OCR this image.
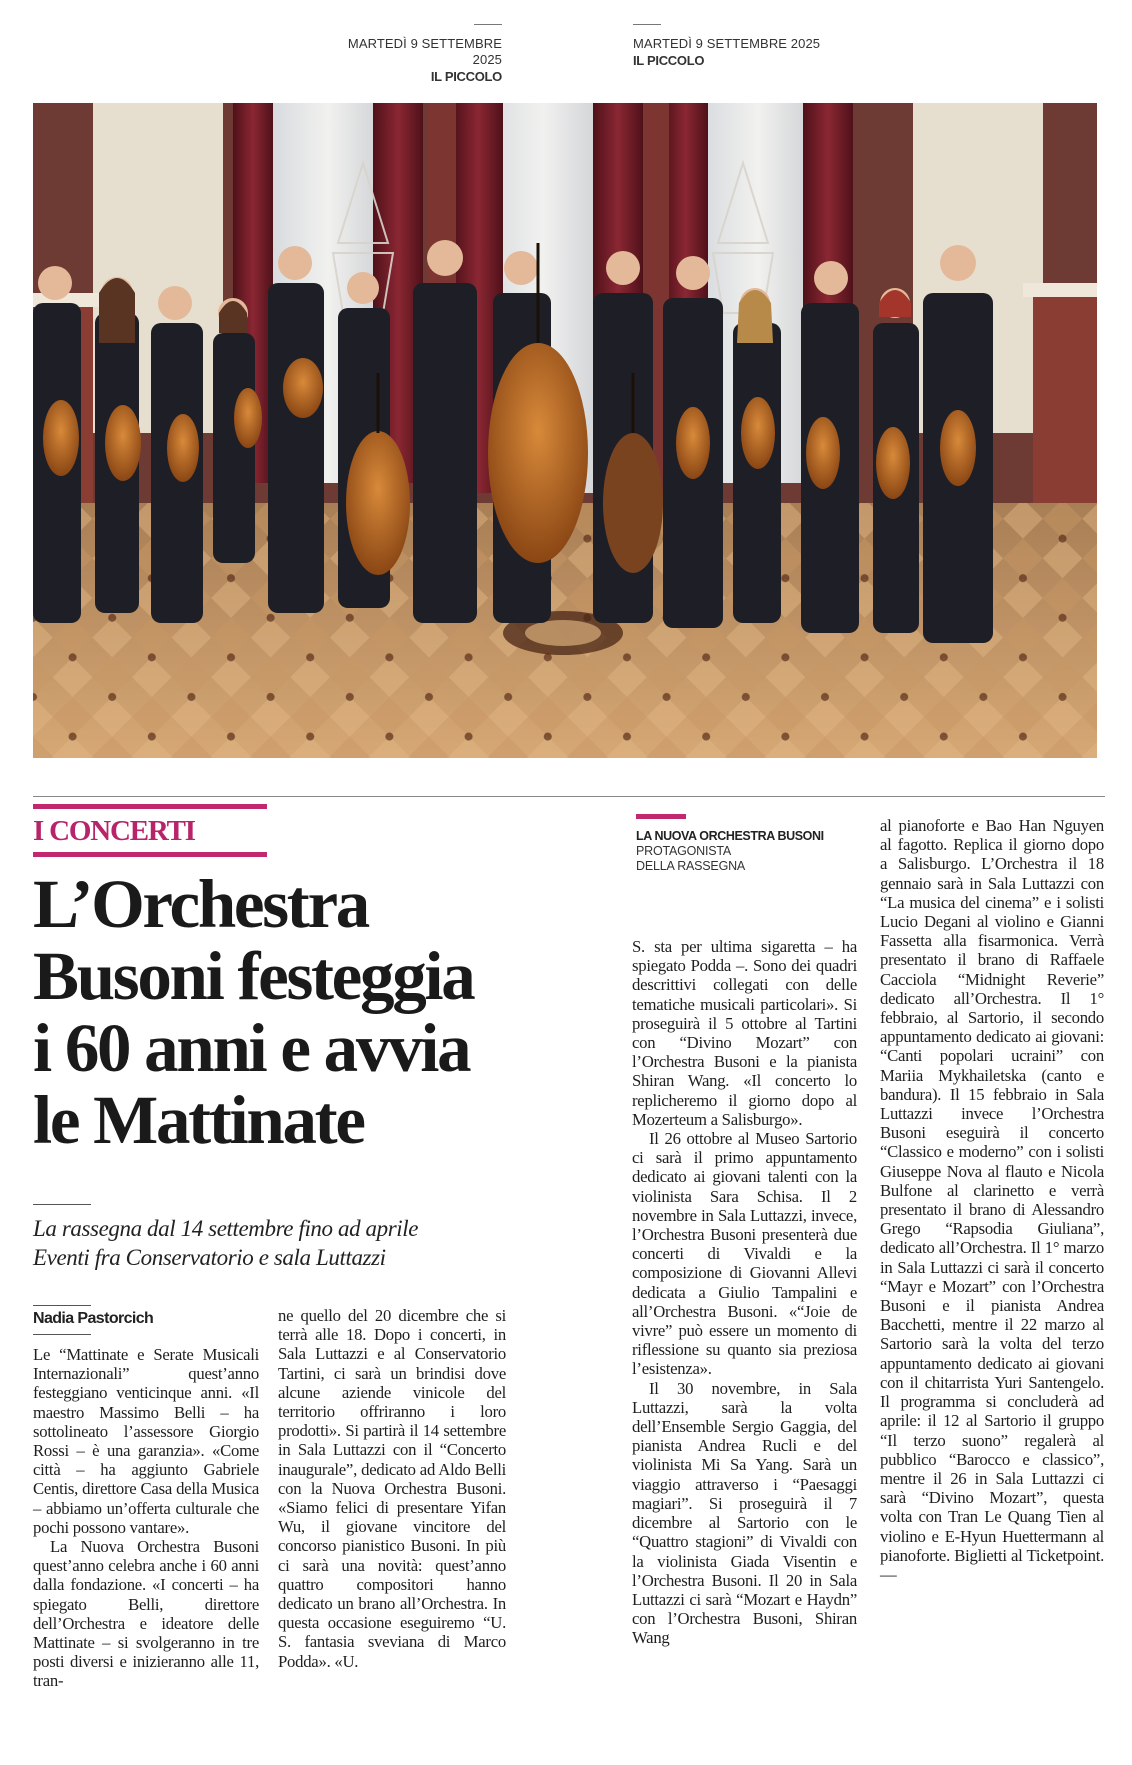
MARTEDÌ 9 SETTEMBRE 2025
IL PICCOLO
MARTEDÌ 9 SETTEMBRE 2025
IL PICCOLO
I CONCERTI
L’Orchestra
Busoni festeggia
i 60 anni e avvia
le Mattinate
La rassegna dal 14 settembre fino ad aprile
Eventi fra Conservatorio e sala Luttazzi
Nadia Pastorcich

Le “Mattinate e Serate Musicali Internazionali” quest’anno festeggiano venticinque anni. «Il maestro Massimo Belli – ha sottolineato l’assessore Giorgio Rossi – è una garanzia». «Come città – ha aggiunto Gabriele Centis, direttore Casa della Musica – abbiamo un’offerta culturale che pochi possono vantare».

La Nuova Orchestra Busoni quest’anno celebra anche i 60 anni dalla fondazione. «I concerti – ha spiegato Belli, direttore dell’Orchestra e ideatore delle Mattinate – si svolgeranno in tre posti diversi e inizieranno alle 11, tran-

ne quello del 20 dicembre che si terrà alle 18. Dopo i concerti, in Sala Luttazzi e al Conservatorio Tartini, ci sarà un brindisi dove alcune aziende vinicole del territorio offriranno i loro prodotti». Si partirà il 14 settembre in Sala Luttazzi con il “Concerto inaugurale”, dedicato ad Aldo Belli con la Nuova Orchestra Busoni. «Siamo felici di presentare Yifan Wu, il giovane vincitore del concorso pianistico Busoni. In più ci sarà una novità: quest’anno quattro compositori hanno dedicato un brano all’Orchestra. In questa occasione eseguiremo “U. S. fantasia sveviana di Marco Podda». «U.

LA NUOVA ORCHESTRA BUSONI
PROTAGONISTA
DELLA RASSEGNA

S. sta per ultima sigaretta – ha spiegato Podda –. Sono dei quadri descrittivi collegati con delle tematiche musicali particolari». Si proseguirà il 5 ottobre al Tartini con “Divino Mozart” con l’Orchestra Busoni e la pianista Shiran Wang. «Il concerto lo replicheremo il giorno dopo al Mozerteum a Salisburgo».

Il 26 ottobre al Museo Sartorio ci sarà il primo appuntamento dedicato ai giovani talenti con la violinista Sara Schisa. Il 2 novembre in Sala Luttazzi, invece, l’Orchestra Busoni presenterà due concerti di Vivaldi e la composizione di Giovanni Allevi dedicata a Giulio Tampalini e all’Orchestra Busoni. «“Joie de vivre” può essere un momento di riflessione su quanto sia preziosa l’esistenza».

Il 30 novembre, in Sala Luttazzi, sarà la volta dell’Ensemble Sergio Gaggia, del pianista Andrea Rucli e del violinista Mi Sa Yang. Sarà un viaggio attraverso i “Paesaggi magiari”. Si proseguirà il 7 dicembre al Sartorio con le “Quattro stagioni” di Vivaldi con la violinista Giada Visentin e l’Orchestra Busoni. Il 20 in Sala Luttazzi ci sarà “Mozart e Haydn” con l’Orchestra Busoni, Shiran Wang

al pianoforte e Bao Han Nguyen al fagotto. Replica il giorno dopo a Salisburgo. L’Orchestra il 18 gennaio sarà in Sala Luttazzi con “La musica del cinema” e i solisti Lucio Degani al violino e Gianni Fassetta alla fisarmonica. Verrà presentato il brano di Raffaele Cacciola “Midnight Reverie” dedicato all’Orchestra. Il 1° febbraio, al Sartorio, il secondo appuntamento dedicato ai giovani: “Canti popolari ucraini” con Mariia Mykhailetska (canto e bandura). Il 15 febbraio in Sala Luttazzi invece l’Orchestra Busoni eseguirà il concerto “Classico e moderno” con i solisti Giuseppe Nova al flauto e Nicola Bulfone al clarinetto e verrà presentato il brano di Alessandro Grego “Rapsodia Giuliana”, dedicato all’Orchestra. Il 1° marzo in Sala Luttazzi ci sarà il concerto “Mayr e Mozart” con l’Orchestra Busoni e il pianista Andrea Bacchetti, mentre il 22 marzo al Sartorio sarà la volta del terzo appuntamento dedicato ai giovani con il chitarrista Yuri Santengelo. Il programma si concluderà ad aprile: il 12 al Sartorio il gruppo “Il terzo suono” regalerà al pubblico “Barocco e classico”, mentre il 26 in Sala Luttazzi ci sarà “Divino Mozart”, questa volta con Tran Le Quang Tien al violino e E-Hyun Huettermann al pianoforte. Biglietti al Ticketpoint. —
